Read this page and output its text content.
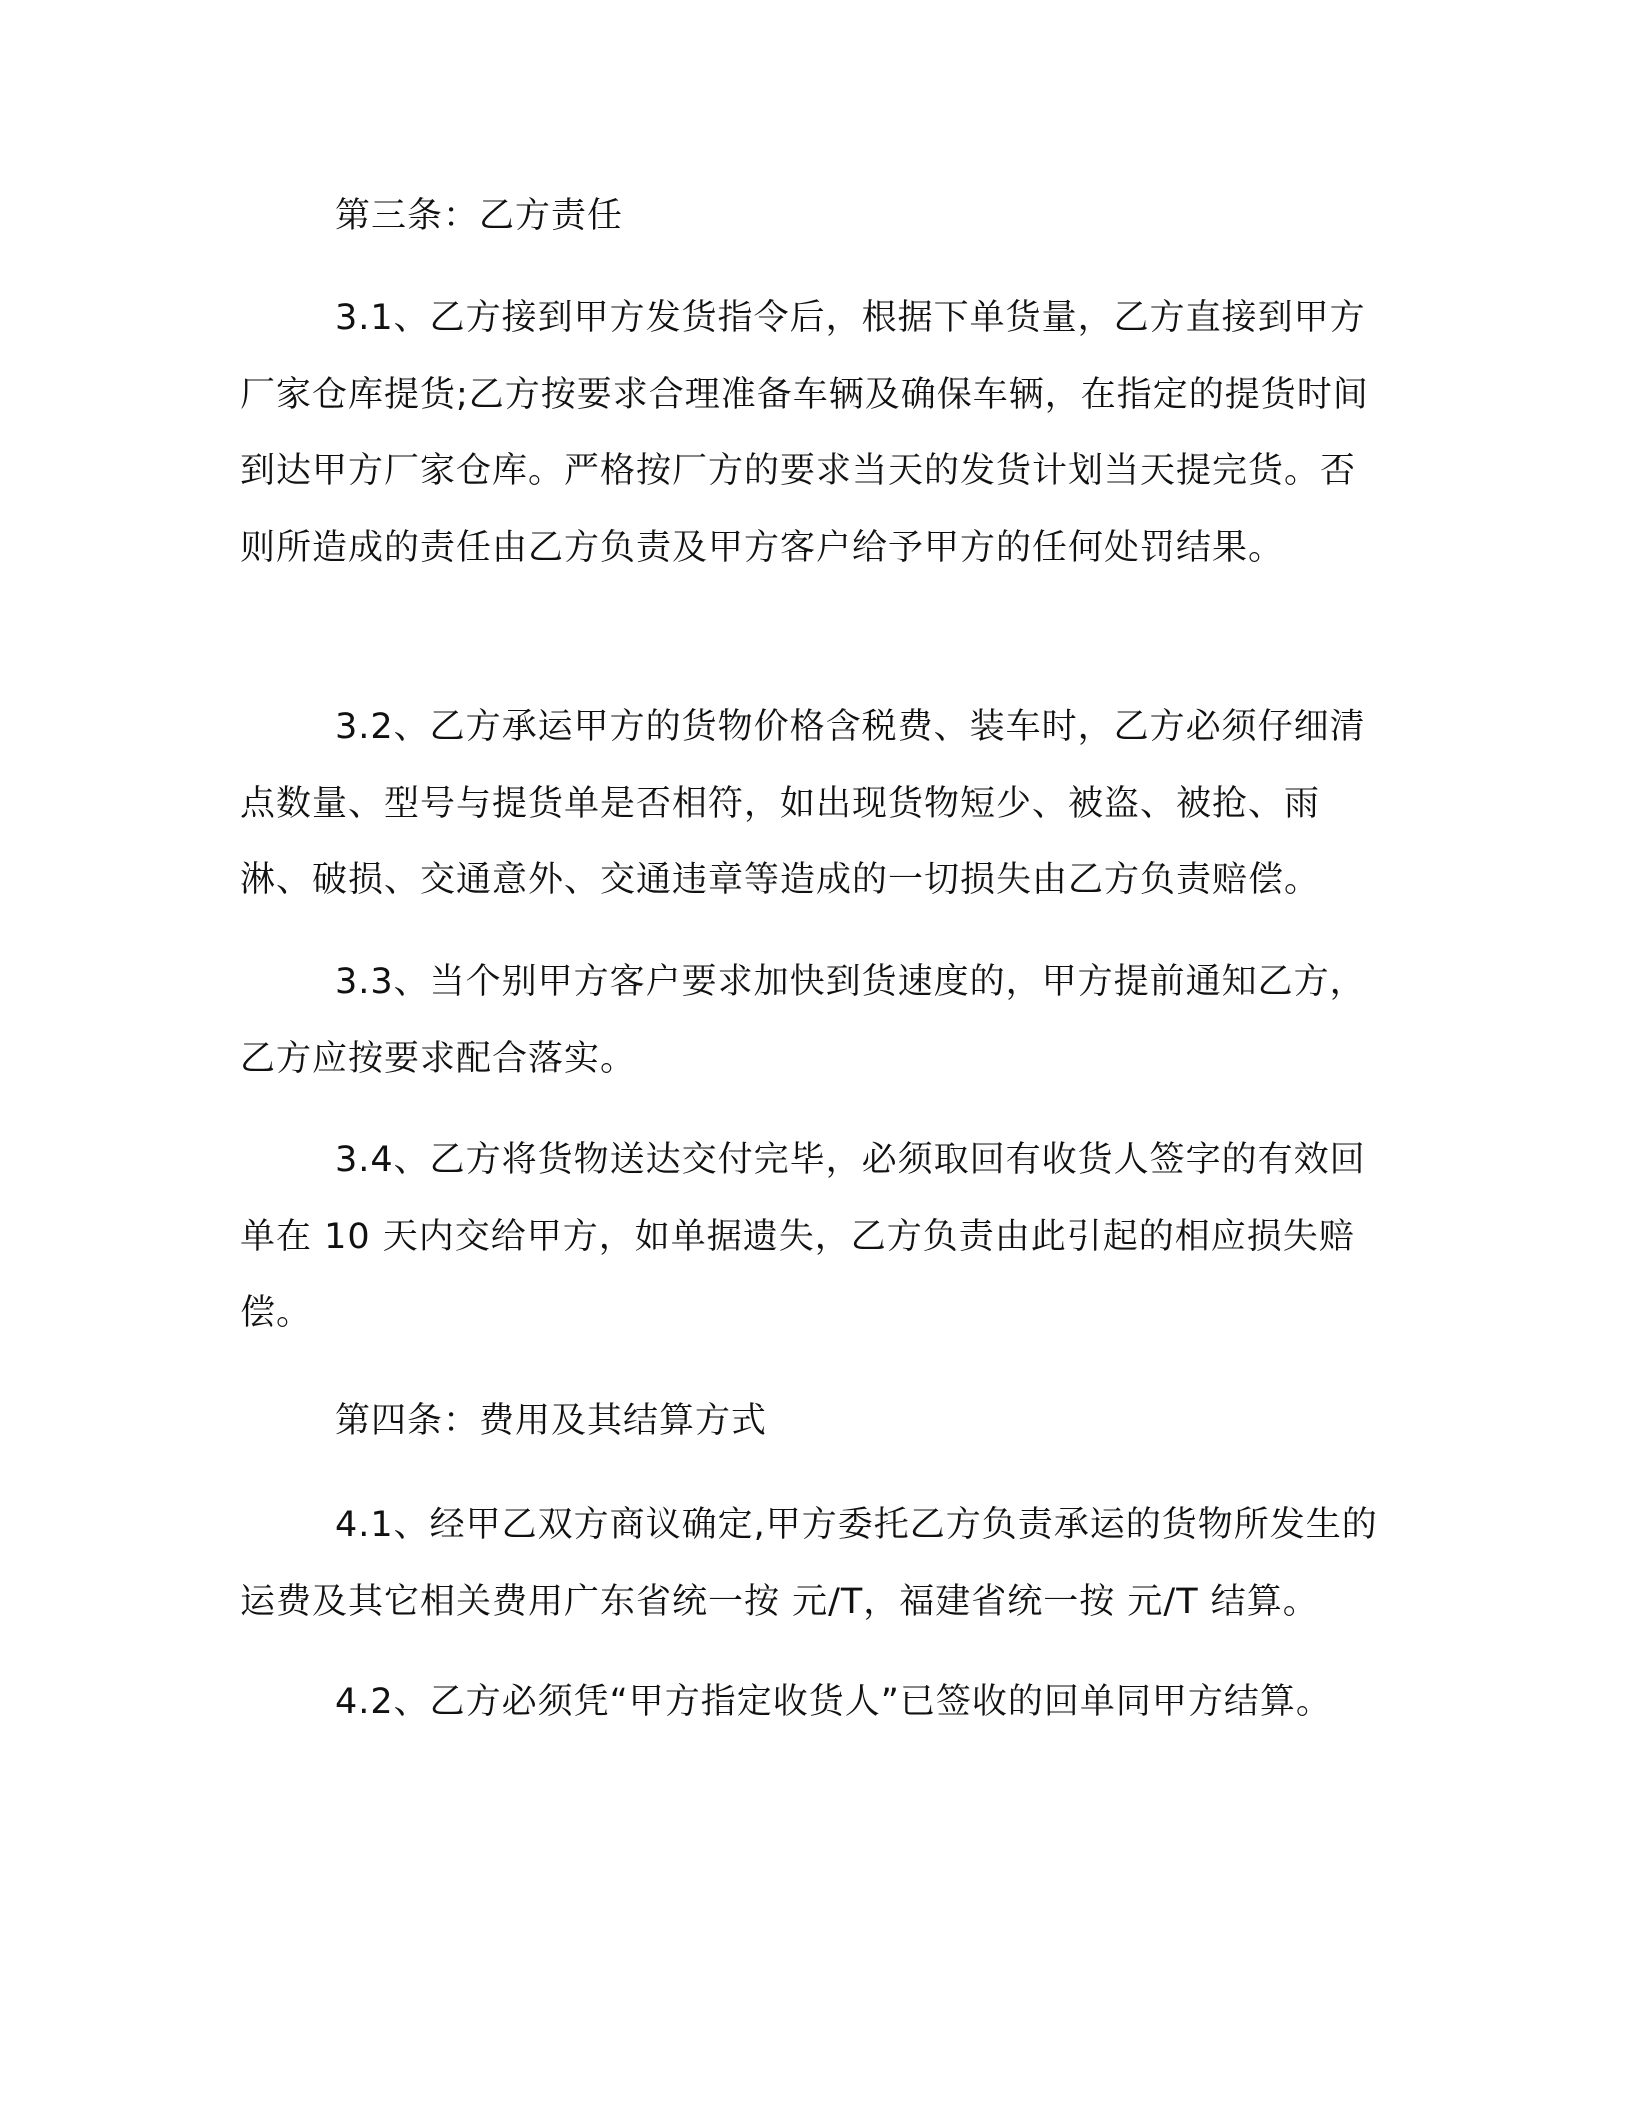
第三条：乙方责任
3.1、乙方接到甲方发货指令后，根据下单货量，乙方直接到甲方厂家仓库提货;乙方按要求合理准备车辆及确保车辆，在指定的提货时间到达甲方厂家仓库。严格按厂方的要求当天的发货计划当天提完货。否则所造成的责任由乙方负责及甲方客户给予甲方的任何处罚结果。
3.2、乙方承运甲方的货物价格含税费、装车时，乙方必须仔细清点数量、型号与提货单是否相符，如出现货物短少、被盗、被抢、雨淋、破损、交通意外、交通违章等造成的一切损失由乙方负责赔偿。
3.3、当个别甲方客户要求加快到货速度的，甲方提前通知乙方，乙方应按要求配合落实。
3.4、乙方将货物送达交付完毕，必须取回有收货人签字的有效回单在 10 天内交给甲方，如单据遗失，乙方负责由此引起的相应损失赔偿。
第四条：费用及其结算方式
4.1、经甲乙双方商议确定,甲方委托乙方负责承运的货物所发生的运费及其它相关费用广东省统一按 元/T，福建省统一按 元/T 结算。
4.2、乙方必须凭“甲方指定收货人”已签收的回单同甲方结算。
